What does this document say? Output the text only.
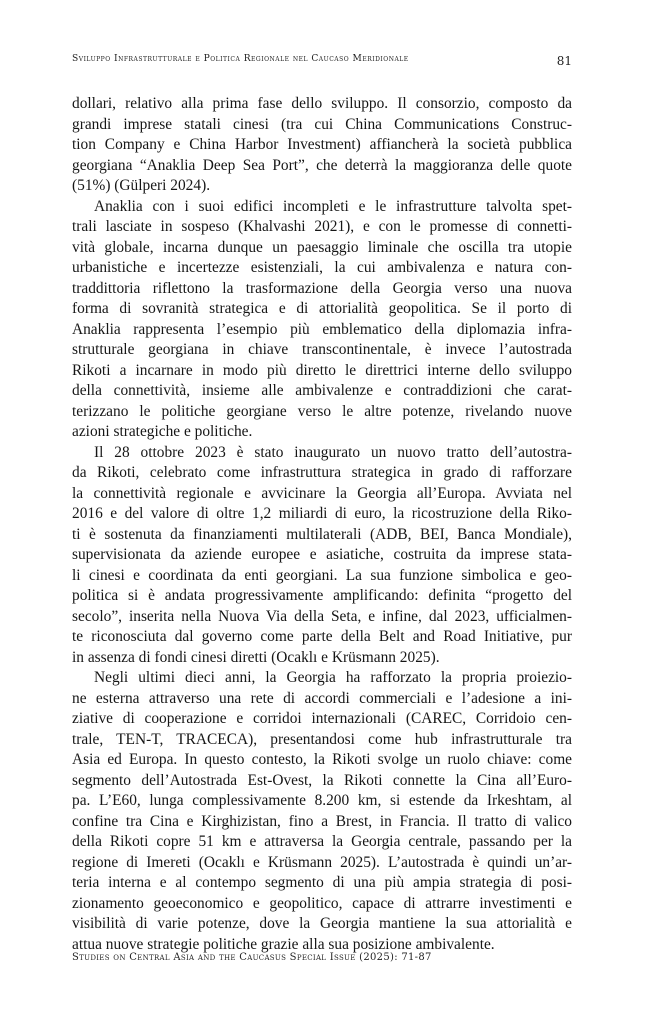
Sviluppo Infrastrutturale e Politica Regionale nel Caucaso Meridionale	81
dollari, relativo alla prima fase dello sviluppo. Il consorzio, composto da
grandi imprese statali cinesi (tra cui China Communications Construc-
tion Company e China Harbor Investment) affiancherà la società pubblica
georgiana “Anaklia Deep Sea Port”, che deterrà la maggioranza delle quote
(51%) (Gülperi 2024).
Anaklia con i suoi edifici incompleti e le infrastrutture talvolta spet-
trali lasciate in sospeso (Khalvashi 2021), e con le promesse di connetti-
vità globale, incarna dunque un paesaggio liminale che oscilla tra utopie
urbanistiche e incertezze esistenziali, la cui ambivalenza e natura con-
traddittoria riflettono la trasformazione della Georgia verso una nuova
forma di sovranità strategica e di attorialità geopolitica. Se il porto di
Anaklia rappresenta l’esempio più emblematico della diplomazia infra-
strutturale georgiana in chiave transcontinentale, è invece l’autostrada
Rikoti a incarnare in modo più diretto le direttrici interne dello sviluppo
della connettività, insieme alle ambivalenze e contraddizioni che carat-
terizzano le politiche georgiane verso le altre potenze, rivelando nuove
azioni strategiche e politiche.
Il 28 ottobre 2023 è stato inaugurato un nuovo tratto dell’autostra-
da Rikoti, celebrato come infrastruttura strategica in grado di rafforzare
la connettività regionale e avvicinare la Georgia all’Europa. Avviata nel
2016 e del valore di oltre 1,2 miliardi di euro, la ricostruzione della Riko-
ti è sostenuta da finanziamenti multilaterali (ADB, BEI, Banca Mondiale),
supervisionata da aziende europee e asiatiche, costruita da imprese stata-
li cinesi e coordinata da enti georgiani. La sua funzione simbolica e geo-
politica si è andata progressivamente amplificando: definita “progetto del
secolo”, inserita nella Nuova Via della Seta, e infine, dal 2023, ufficialmen-
te riconosciuta dal governo come parte della Belt and Road Initiative, pur
in assenza di fondi cinesi diretti (Ocaklı e Krüsmann 2025).
Negli ultimi dieci anni, la Georgia ha rafforzato la propria proiezio-
ne esterna attraverso una rete di accordi commerciali e l’adesione a ini-
ziative di cooperazione e corridoi internazionali (CAREC, Corridoio cen-
trale, TEN-T, TRACECA), presentandosi come hub infrastrutturale tra
Asia ed Europa. In questo contesto, la Rikoti svolge un ruolo chiave: come
segmento dell’Autostrada Est-Ovest, la Rikoti connette la Cina all’Euro-
pa. L’E60, lunga complessivamente 8.200 km, si estende da Irkeshtam, al
confine tra Cina e Kirghizistan, fino a Brest, in Francia. Il tratto di valico
della Rikoti copre 51 km e attraversa la Georgia centrale, passando per la
regione di Imereti (Ocaklı e Krüsmann 2025). L’autostrada è quindi un’ar-
teria interna e al contempo segmento di una più ampia strategia di posi-
zionamento geoeconomico e geopolitico, capace di attrarre investimenti e
visibilità di varie potenze, dove la Georgia mantiene la sua attorialità e
attua nuove strategie politiche grazie alla sua posizione ambivalente.
Studies on Central Asia and the Caucasus Special Issue (2025): 71-87
